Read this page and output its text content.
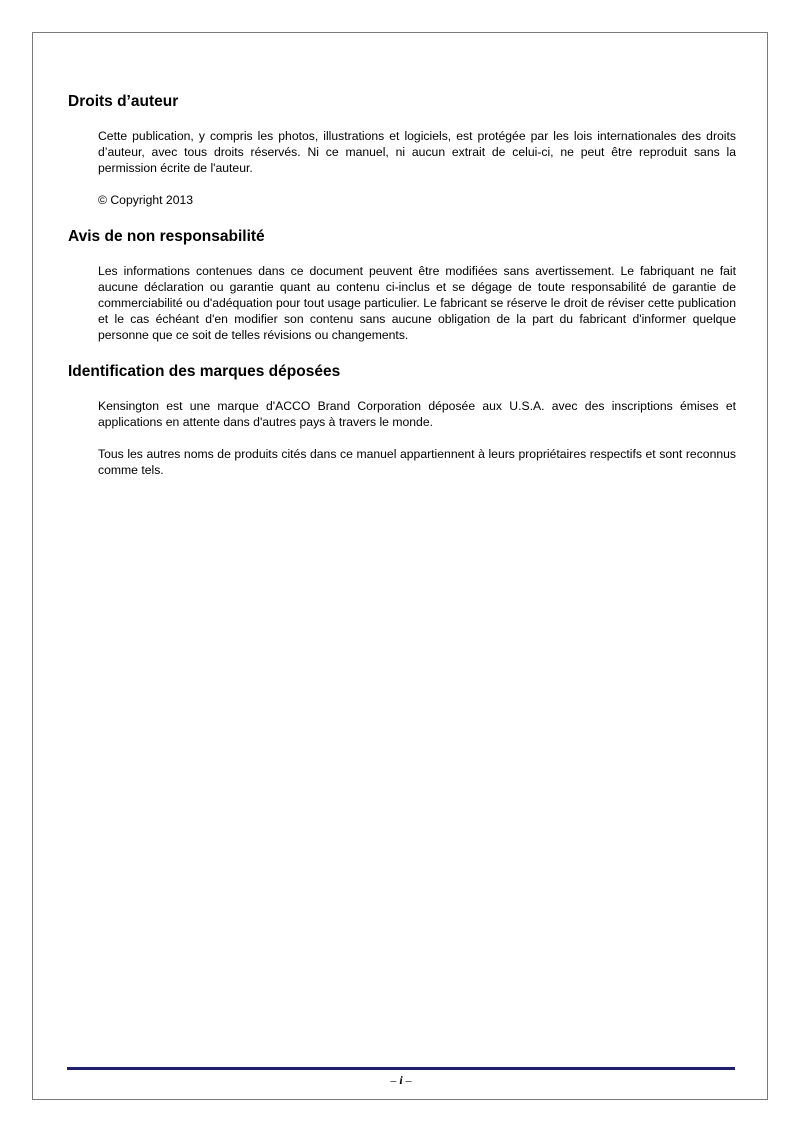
Droits d’auteur

Cette publication, y compris les photos, illustrations et logiciels, est protégée par les lois internationales des droits d’auteur, avec tous droits réservés. Ni ce manuel, ni aucun extrait de celui-ci, ne peut être reproduit sans la permission écrite de l'auteur.

© Copyright 2013

Avis de non responsabilité

Les informations contenues dans ce document peuvent être modifiées sans avertissement. Le fabriquant ne fait aucune déclaration ou garantie quant au contenu ci-inclus et se dégage de toute responsabilité de garantie de commerciabilité ou d'adéquation pour tout usage particulier. Le fabricant se réserve le droit de réviser cette publication et le cas échéant d'en modifier son contenu sans aucune obligation de la part du fabricant d'informer quelque personne que ce soit de telles révisions ou changements.

Identification des marques déposées

Kensington est une marque d'ACCO Brand Corporation déposée aux U.S.A. avec des inscriptions émises et applications en attente dans d'autres pays à travers le monde.

Tous les autres noms de produits cités dans ce manuel appartiennent à leurs propriétaires respectifs et sont reconnus comme tels.

– i –
